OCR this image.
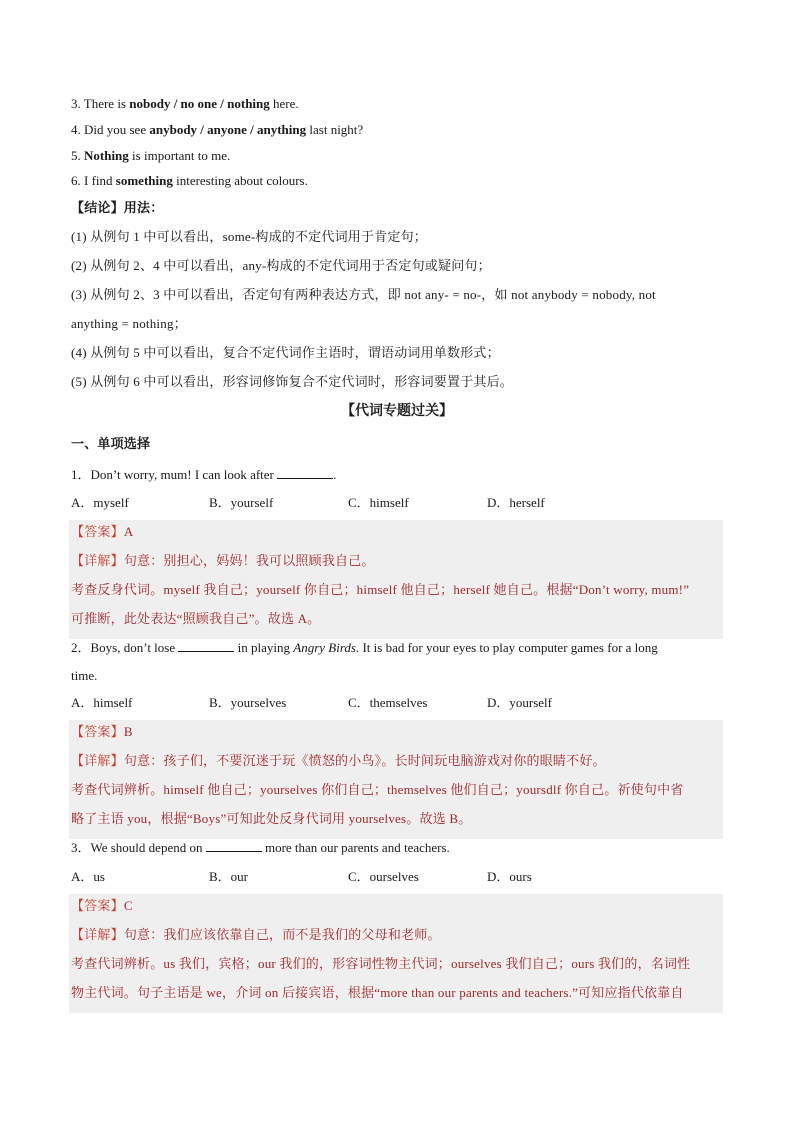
3. There is nobody / no one / nothing here.
4. Did you see anybody / anyone / anything last night?
5. Nothing is important to me.
6. I find something interesting about colours.
【结论】用法：
(1) 从例句 1 中可以看出，some-构成的不定代词用于肯定句；
(2) 从例句 2、4 中可以看出，any-构成的不定代词用于否定句或疑问句；
(3) 从例句 2、3 中可以看出，否定句有两种表达方式，即 not any- = no-，如 not anybody = nobody, not
anything = nothing；
(4) 从例句 5 中可以看出，复合不定代词作主语时，谓语动词用单数形式；
(5) 从例句 6 中可以看出，形容词修饰复合不定代词时，形容词要置于其后。
【代词专题过关】
一、单项选择
1．Don’t worry, mum! I can look after	.
A．myself	B．yourself	C．himself	D．herself
【答案】A
【详解】句意：别担心，妈妈！我可以照顾我自己。
考查反身代词。myself 我自己；yourself 你自己；himself 他自己；herself 她自己。根据“Don’t worry, mum!”
可推断，此处表达“照顾我自己”。故选 A。
2．Boys, don’t lose	in playing Angry Birds. It is bad for your eyes to play computer games for a long
time.
A．himself	B．yourselves	C．themselves	D．yourself
【答案】B
【详解】句意：孩子们，不要沉迷于玩《愤怒的小鸟》。长时间玩电脑游戏对你的眼睛不好。
考查代词辨析。himself 他自己；yourselves 你们自己；themselves 他们自己；yoursdlf 你自己。祈使句中省
略了主语 you，根据“Boys”可知此处反身代词用 yourselves。故选 B。
3．We should depend on	more than our parents and teachers.
A．us	B．our	C．ourselves	D．ours
【答案】C
【详解】句意：我们应该依靠自己，而不是我们的父母和老师。
考查代词辨析。us 我们，宾格；our 我们的，形容词性物主代词；ourselves 我们自己；ours 我们的，名词性
物主代词。句子主语是 we，介词 on 后接宾语，根据“more than our parents and teachers.”可知应指代依靠自
